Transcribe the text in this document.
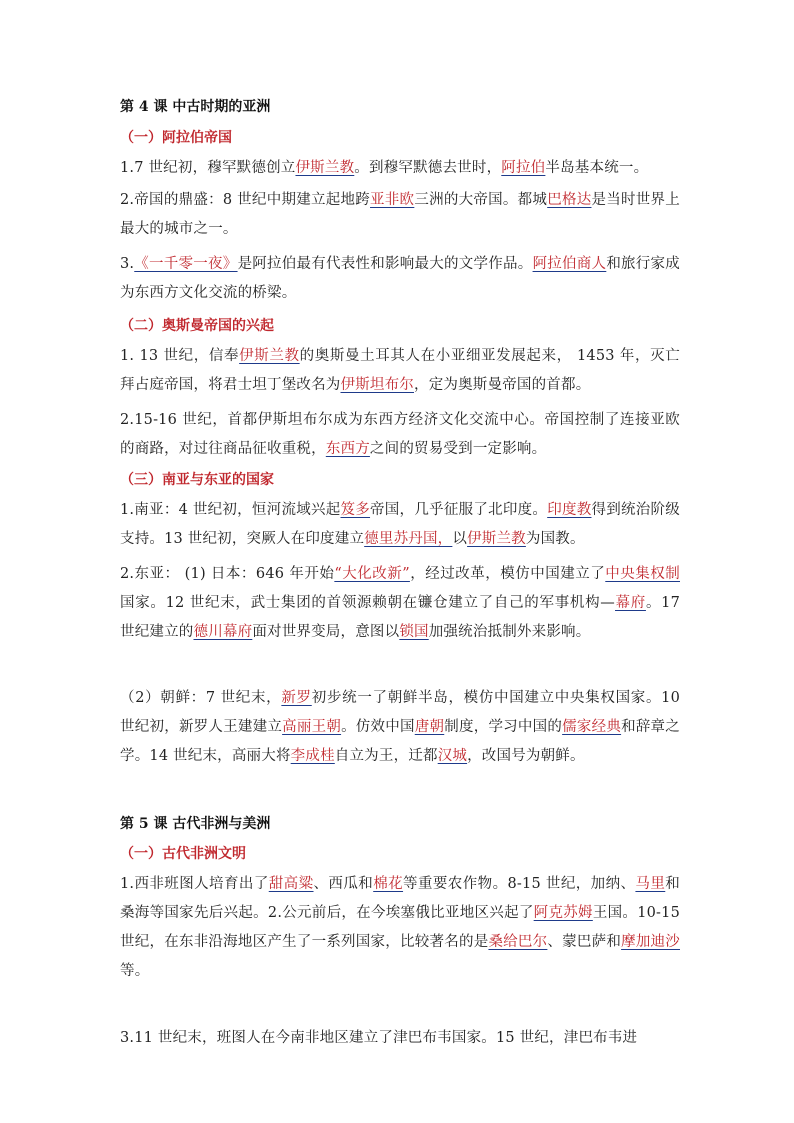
第 4 课 中古时期的亚洲
（一）阿拉伯帝国
1.7 世纪初，穆罕默德创立伊斯兰教。到穆罕默德去世时，阿拉伯半岛基本统一。
2.帝国的鼎盛：8 世纪中期建立起地跨亚非欧三洲的大帝国。都城巴格达是当时世界上最大的城市之一。
3.《一千零一夜》是阿拉伯最有代表性和影响最大的文学作品。阿拉伯商人和旅行家成为东西方文化交流的桥梁。
（二）奥斯曼帝国的兴起
1. 13 世纪，信奉伊斯兰教的奥斯曼土耳其人在小亚细亚发展起来， 1453 年，灭亡拜占庭帝国，将君士坦丁堡改名为伊斯坦布尔，定为奥斯曼帝国的首都。
2.15-16 世纪，首都伊斯坦布尔成为东西方经济文化交流中心。帝国控制了连接亚欧的商路，对过往商品征收重税，东西方之间的贸易受到一定影响。
（三）南亚与东亚的国家
1.南亚：4 世纪初，恒河流域兴起笈多帝国，几乎征服了北印度。印度教得到统治阶级支持。13 世纪初，突厥人在印度建立德里苏丹国，以伊斯兰教为国教。
2.东亚： (1) 日本：646 年开始“大化改新”，经过改革，模仿中国建立了中央集权制国家。12 世纪末，武士集团的首领源赖朝在镰仓建立了自己的军事机构—幕府。17 世纪建立的德川幕府面对世界变局，意图以锁国加强统治抵制外来影响。
（2）朝鲜：7 世纪末，新罗初步统一了朝鲜半岛，模仿中国建立中央集权国家。10 世纪初，新罗人王建建立高丽王朝。仿效中国唐朝制度，学习中国的儒家经典和辞章之学。14 世纪末，高丽大将李成桂自立为王，迁都汉城，改国号为朝鲜。
第 5 课 古代非洲与美洲
（一）古代非洲文明
1.西非班图人培育出了甜高粱、西瓜和棉花等重要农作物。8-15 世纪，加纳、马里和桑海等国家先后兴起。2.公元前后，在今埃塞俄比亚地区兴起了阿克苏姆王国。10-15 世纪，在东非沿海地区产生了一系列国家，比较著名的是桑给巴尔、蒙巴萨和摩加迪沙等。
3.11 世纪末，班图人在今南非地区建立了津巴布韦国家。15 世纪，津巴布韦进
